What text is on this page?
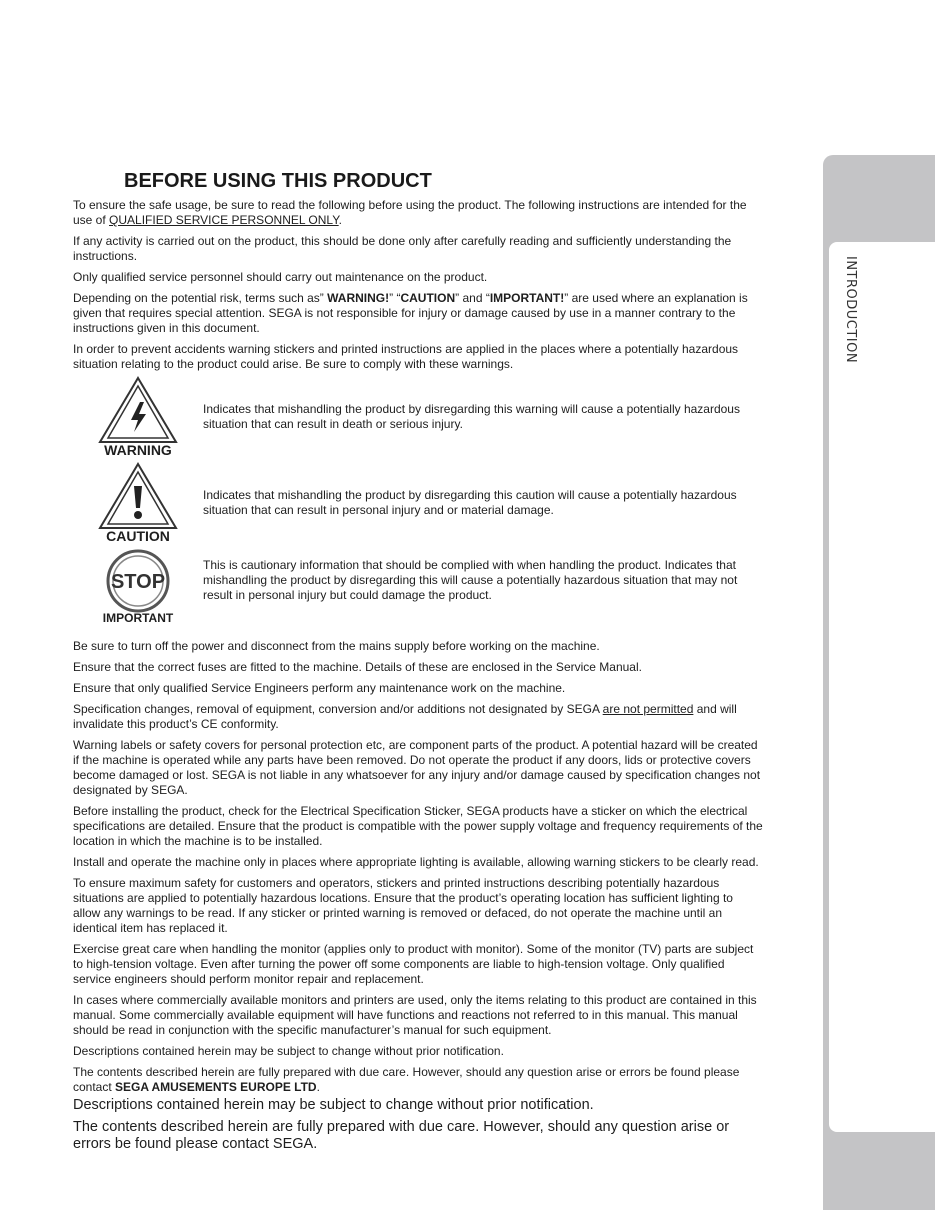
INTRODUCTION
BEFORE USING THIS PRODUCT

To ensure the safe usage, be sure to read the following before using the product. The following instructions are intended for the use of QUALIFIED SERVICE PERSONNEL ONLY.

If any activity is carried out on the product, this should be done only after carefully reading and sufficiently understanding the instructions.

Only qualified service personnel should carry out maintenance on the product.

Depending on the potential risk, terms such as” WARNING!” “CAUTION” and “IMPORTANT!” are used where an explanation is given that requires special attention. SEGA is not responsible for injury or damage caused by use in a manner contrary to the instructions given in this document.

In order to prevent accidents warning stickers and printed instructions are applied in the places where a potentially hazardous situation relating to the product could arise. Be sure to comply with these warnings.

WARNING
Indicates that mishandling the product by disregarding this warning will cause a potentially hazardous situation that can result in death or serious injury.
CAUTION
Indicates that mishandling the product by disregarding this caution will cause a potentially hazardous situation that can result in personal injury and or material damage.
STOP
IMPORTANT
This is cautionary information that should be complied with when handling the product. Indicates that mishandling the product by disregarding this will cause a potentially hazardous situation that may not result in personal injury but could damage the product.

Be sure to turn off the power and disconnect from the mains supply before working on the machine.

Ensure that the correct fuses are fitted to the machine. Details of these are enclosed in the Service Manual.

Ensure that only qualified Service Engineers perform any maintenance work on the machine.

Specification changes, removal of equipment, conversion and/or additions not designated by SEGA are not permitted and will invalidate this product’s CE conformity.

Warning labels or safety covers for personal protection etc, are component parts of the product. A potential hazard will be created if the machine is operated while any parts have been removed. Do not operate the product if any doors, lids or protective covers become damaged or lost. SEGA is not liable in any whatsoever for any injury and/or damage caused by specification changes not designated by SEGA.

Before installing the product, check for the Electrical Specification Sticker, SEGA products have a sticker on which the electrical specifications are detailed. Ensure that the product is compatible with the power supply voltage and frequency requirements of the location in which the machine is to be installed.

Install and operate the machine only in places where appropriate lighting is available, allowing warning stickers to be clearly read.

To ensure maximum safety for customers and operators, stickers and printed instructions describing potentially hazardous situations are applied to potentially hazardous locations. Ensure that the product’s operating location has sufficient lighting to allow any warnings to be read. If any sticker or printed warning is removed or defaced, do not operate the machine until an identical item has replaced it.

Exercise great care when handling the monitor (applies only to product with monitor). Some of the monitor (TV) parts are subject to high-tension voltage. Even after turning the power off some components are liable to high-tension voltage. Only qualified service engineers should perform monitor repair and replacement.

In cases where commercially available monitors and printers are used, only the items relating to this product are contained in this manual. Some commercially available equipment will have functions and reactions not referred to in this manual. This manual should be read in conjunction with the specific manufacturer’s manual for such equipment.

Descriptions contained herein may be subject to change without prior notification.

The contents described herein are fully prepared with due care. However, should any question arise or errors be found please contact SEGA AMUSEMENTS EUROPE LTD.

Descriptions contained herein may be subject to change without prior notification.

The contents described herein are fully prepared with due care. However, should any question arise or errors be found please contact SEGA.
